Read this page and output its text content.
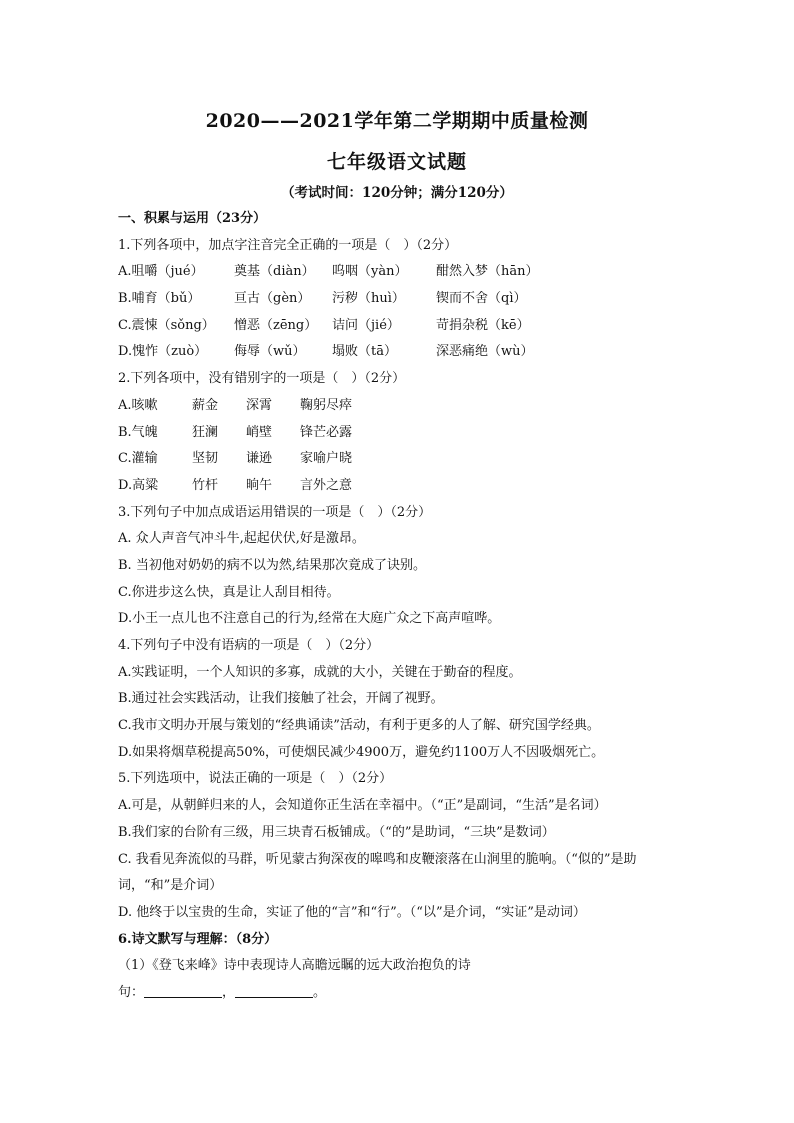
2020——2021学年第二学期期中质量检测
七年级语文试题
（考试时间：120分钟；满分120分）
一、积累与运用（23分）
1.下列各项中，加点字注音完全正确的一项是（　）（2分）
A.咀嚼（jué）	奠基（diàn）	呜咽（yàn）	酣然入梦（hān）
B.哺育（bǔ）	亘古（gèn）	污秽（huì）	锲而不舍（qì）
C.震悚（sǒng）	憎恶（zēng）	诘问（jié）	苛捐杂税（kē）
D.愧怍（zuò）	侮辱（wǔ）	塌败（tā）	深恶痛绝（wù）
2.下列各项中，没有错别字的一项是（　）（2分）
A.咳嗽	薪金	深霄	鞠躬尽瘁
B.气魄	狂澜	峭壁	锋芒必露
C.灌输	坚韧	谦逊	家喻户晓
D.高粱	竹杆	晌午	言外之意
3.下列句子中加点成语运用错误的一项是（　）（2分）
A. 众人声音气冲斗牛,起起伏伏,好是激昂。
B. 当初他对奶奶的病不以为然,结果那次竟成了诀别。
C.你进步这么快，真是让人刮目相待。
D.小王一点儿也不注意自己的行为,经常在大庭广众之下高声喧哗。
4.下列句子中没有语病的一项是（　）（2分）
A.实践证明，一个人知识的多寡，成就的大小，关键在于勤奋的程度。
B.通过社会实践活动，让我们接触了社会，开阔了视野。
C.我市文明办开展与策划的“经典诵读”活动，有利于更多的人了解、研究国学经典。
D.如果将烟草税提高50%，可使烟民减少4900万，避免约1100万人不因吸烟死亡。
5.下列选项中，说法正确的一项是（　）（2分）
A.可是，从朝鲜归来的人，会知道你正生活在幸福中。（“正”是副词，“生活”是名词）
B.我们家的台阶有三级，用三块青石板铺成。（“的”是助词，“三块”是数词）
C. 我看见奔流似的马群，听见蒙古狗深夜的嗥鸣和皮鞭滚落在山涧里的脆响。（“似的”是助词，“和”是介词）
D. 他终于以宝贵的生命，实证了他的“言”和“行”。（“以”是介词，“实证”是动词）
6.诗文默写与理解：（8分）
（1）《登飞来峰》诗中表现诗人高瞻远瞩的远大政治抱负的诗
句：	，	。
